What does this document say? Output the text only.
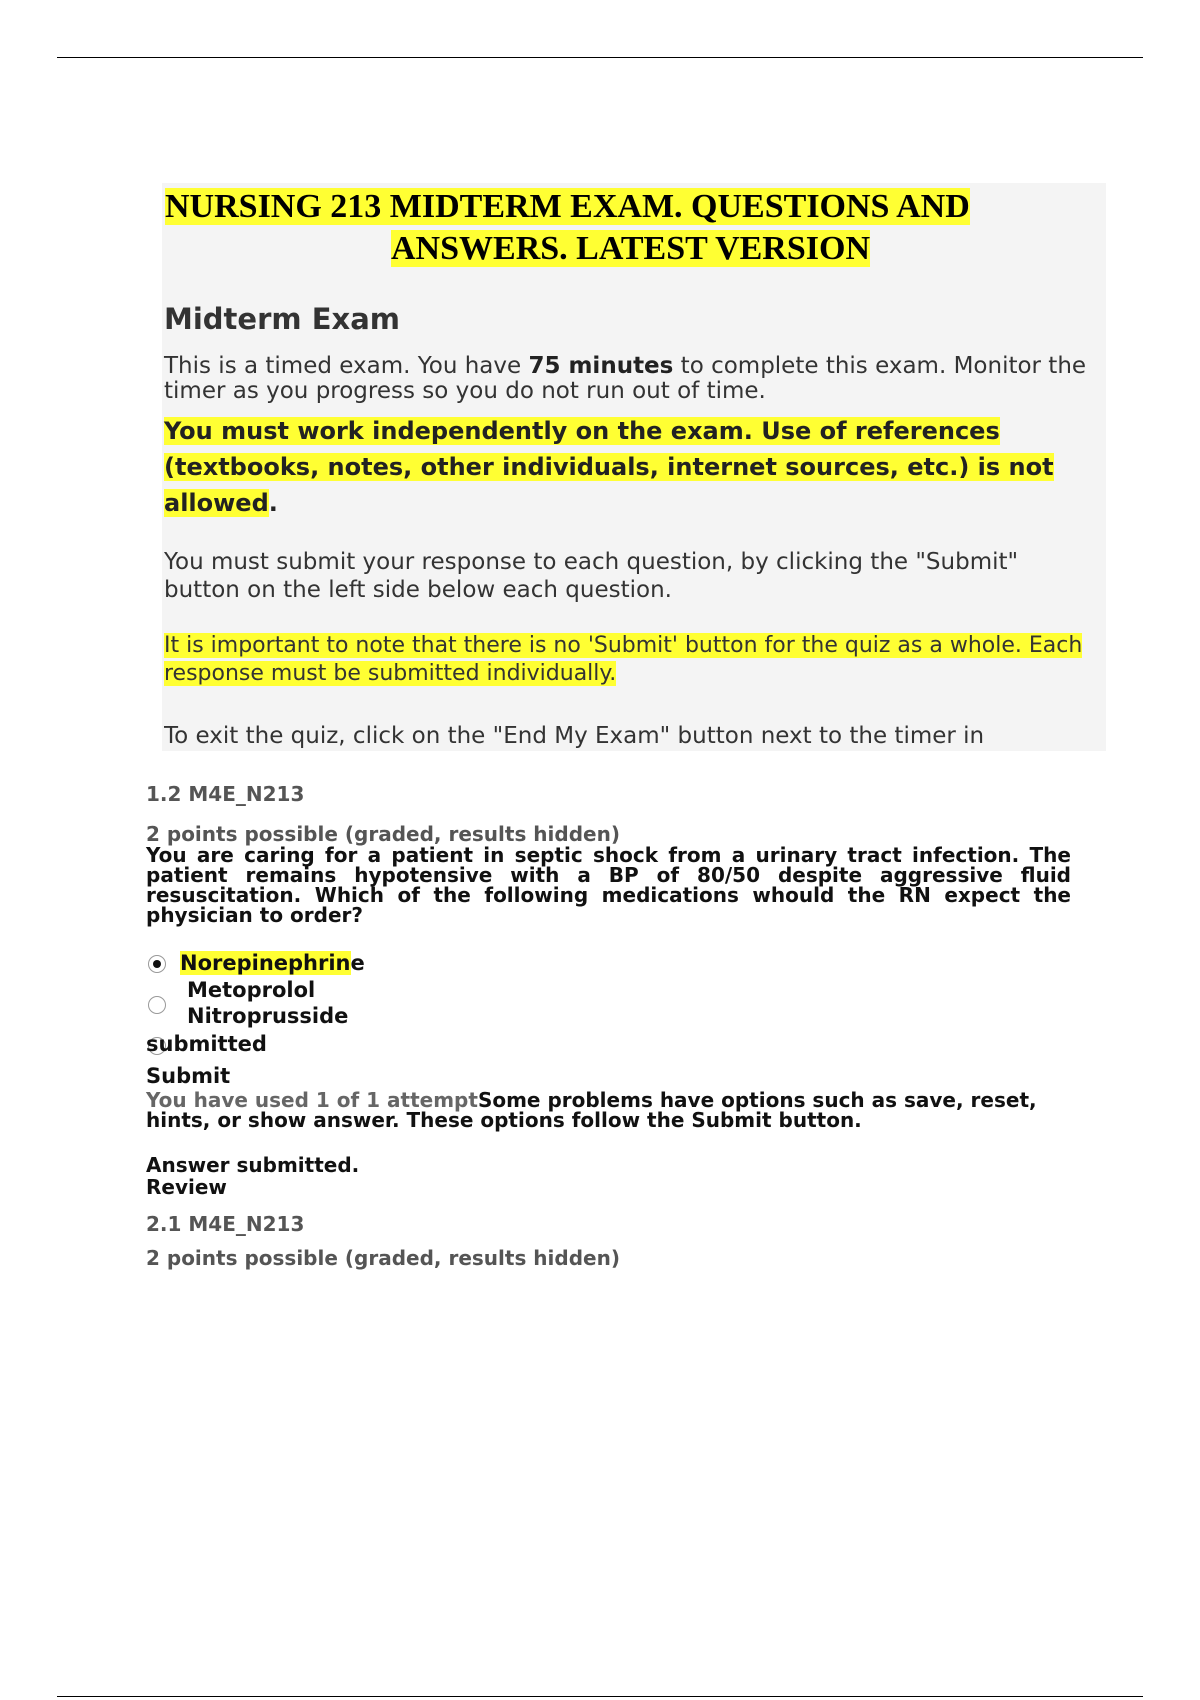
NURSING 213 MIDTERM EXAM. QUESTIONS AND
ANSWERS. LATEST VERSION
Midterm Exam

This is a timed exam. You have 75 minutes to complete this exam. Monitor the timer as you progress so you do not run out of time.

You must work independently on the exam. Use of references (textbooks, notes, other individuals, internet sources, etc.) is not allowed.

You must submit your response to each question, by clicking the "Submit" button on the left side below each question.

It is important to note that there is no 'Submit' button for the quiz as a whole. Each response must be submitted individually.

To exit the quiz, click on the "End My Exam" button next to the timer in

1.2 M4E_N213
2 points possible (graded, results hidden)

You are caring for a patient in septic shock from a urinary tract infection. The patient remains hypotensive with a BP of 80/50 despite aggressive fluid resuscitation. Which of the following medications whould the RN expect the physician to order?

Norepinephrine
Metoprolol
Nitroprusside
submitted
Submit

You have used 1 of 1 attemptSome problems have options such as save, reset, hints, or show answer. These options follow the Submit button.

Answer submitted.
Review
2.1 M4E_N213
2 points possible (graded, results hidden)
